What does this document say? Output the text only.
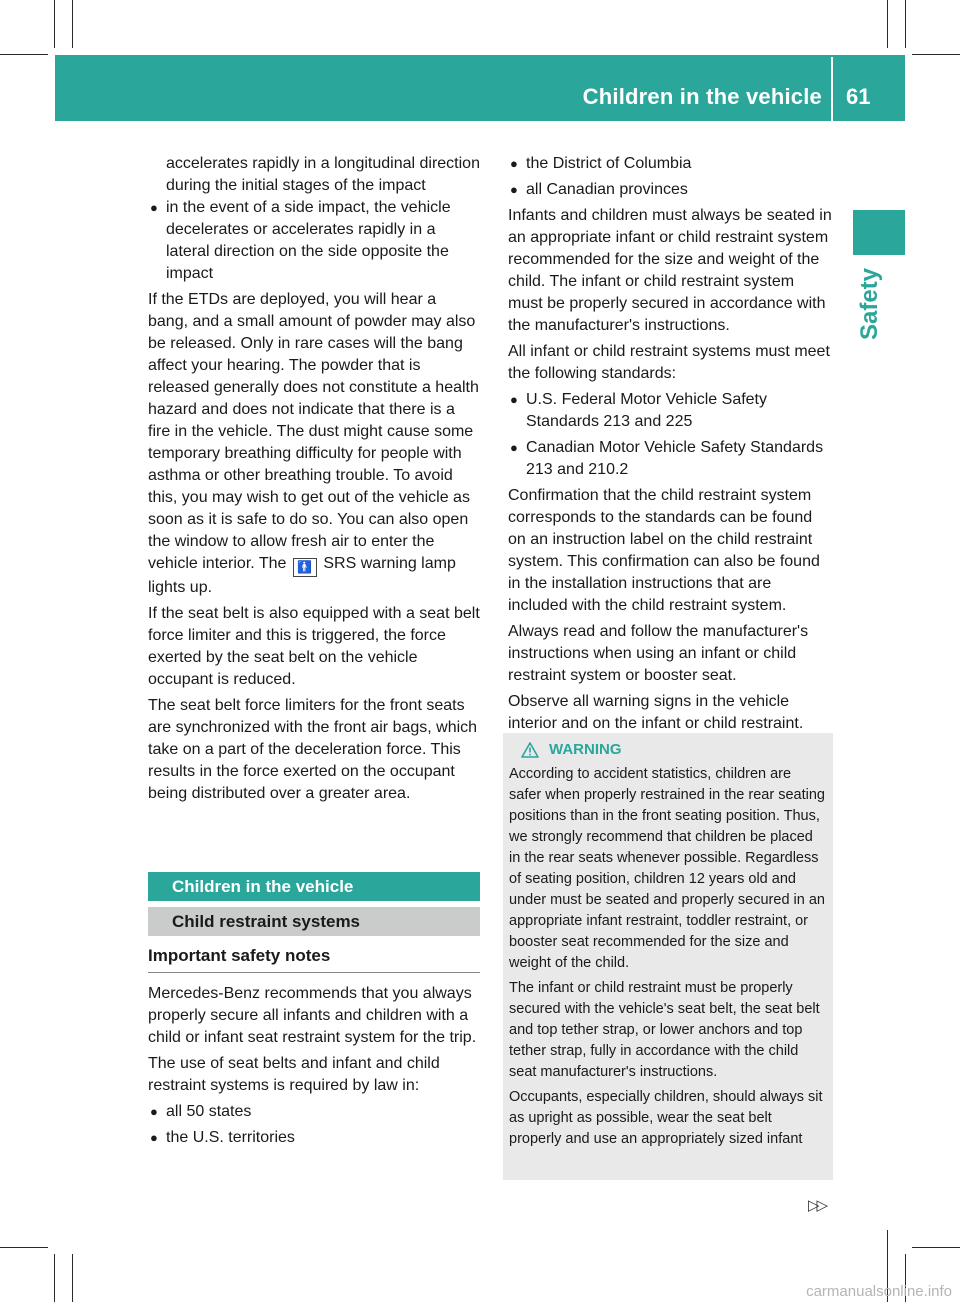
Children in the vehicle 61
Safety

accelerates rapidly in a longitudinal direction during the initial stages of the impact

● in the event of a side impact, the vehicle decelerates or accelerates rapidly in a lateral direction on the side opposite the impact

If the ETDs are deployed, you will hear a bang, and a small amount of powder may also be released. Only in rare cases will the bang affect your hearing. The powder that is released generally does not constitute a health hazard and does not indicate that there is a fire in the vehicle. The dust might cause some temporary breathing difficulty for people with asthma or other breathing trouble. To avoid this, you may wish to get out of the vehicle as soon as it is safe to do so. You can also open the window to allow fresh air to enter the vehicle interior. The 🚹 SRS warning lamp lights up.

If the seat belt is also equipped with a seat belt force limiter and this is triggered, the force exerted by the seat belt on the vehicle occupant is reduced.

The seat belt force limiters for the front seats are synchronized with the front air bags, which take on a part of the deceleration force. This results in the force exerted on the occupant being distributed over a greater area.

Children in the vehicle
Child restraint systems
Important safety notes

Mercedes-Benz recommends that you always properly secure all infants and children with a child or infant seat restraint system for the trip.

The use of seat belts and infant and child restraint systems is required by law in:

● all 50 states
● the U.S. territories
● the District of Columbia
● all Canadian provinces

Infants and children must always be seated in an appropriate infant or child restraint system recommended for the size and weight of the child. The infant or child restraint system must be properly secured in accordance with the manufacturer's instructions.

All infant or child restraint systems must meet the following standards:

● U.S. Federal Motor Vehicle Safety Standards 213 and 225
● Canadian Motor Vehicle Safety Standards 213 and 210.2

Confirmation that the child restraint system corresponds to the standards can be found on an instruction label on the child restraint system. This confirmation can also be found in the installation instructions that are included with the child restraint system.

Always read and follow the manufacturer's instructions when using an infant or child restraint system or booster seat.

Observe all warning signs in the vehicle interior and on the infant or child restraint.

WARNING

According to accident statistics, children are safer when properly restrained in the rear seating positions than in the front seating position. Thus, we strongly recommend that children be placed in the rear seats whenever possible. Regardless of seating position, children 12 years old and under must be seated and properly secured in an appropriate infant restraint, toddler restraint, or booster seat recommended for the size and weight of the child.

The infant or child restraint must be properly secured with the vehicle's seat belt, the seat belt and top tether strap, or lower anchors and top tether strap, fully in accordance with the child seat manufacturer's instructions.

Occupants, especially children, should always sit as upright as possible, wear the seat belt properly and use an appropriately sized infant

▷▷
carmanualsonline.info
